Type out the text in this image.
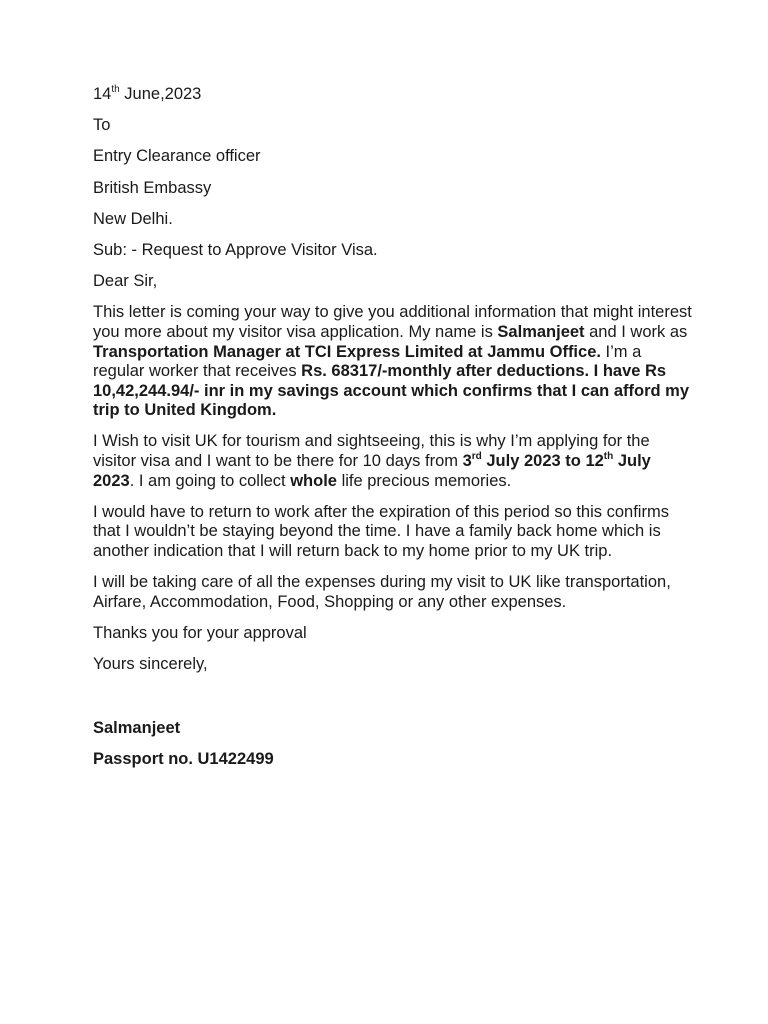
14th June,2023

To

Entry Clearance officer

British Embassy

New Delhi.

Sub: - Request to Approve Visitor Visa.

Dear Sir,

This letter is coming your way to give you additional information that might interest you more about my visitor visa application. My name is Salmanjeet and I work as Transportation Manager at TCI Express Limited at Jammu Office. I’m a regular worker that receives Rs. 68317/-monthly after deductions. I have Rs 10,42,244.94/- inr in my savings account which confirms that I can afford my trip to United Kingdom.

I Wish to visit UK for tourism and sightseeing, this is why I’m applying for the visitor visa and I want to be there for 10 days from 3rd July 2023 to 12th July 2023. I am going to collect whole life precious memories.

I would have to return to work after the expiration of this period so this confirms that I wouldn’t be staying beyond the time. I have a family back home which is another indication that I will return back to my home prior to my UK trip.

I will be taking care of all the expenses during my visit to UK like transportation, Airfare, Accommodation, Food, Shopping or any other expenses.

Thanks you for your approval

Yours sincerely,

Salmanjeet

Passport no. U1422499
